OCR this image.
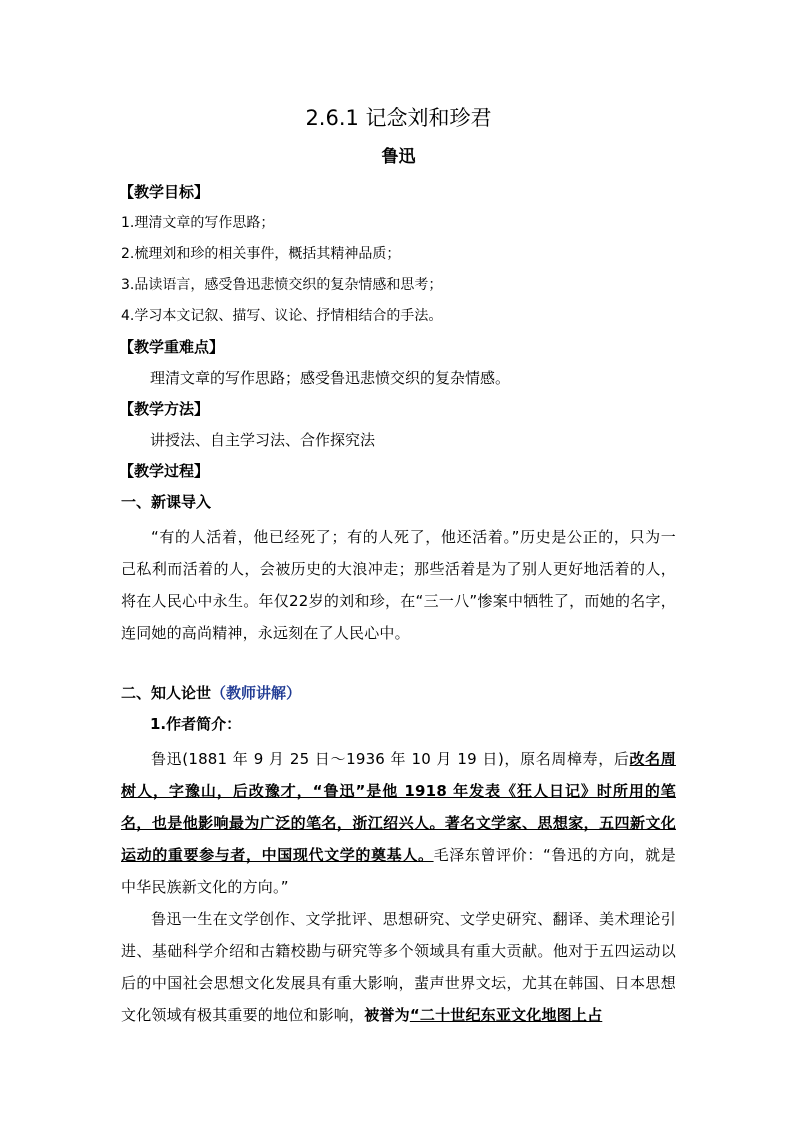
2.6.1 记念刘和珍君
鲁迅
【教学目标】
1.理清文章的写作思路；
2.梳理刘和珍的相关事件，概括其精神品质；
3.品读语言，感受鲁迅悲愤交织的复杂情感和思考；
4.学习本文记叙、描写、议论、抒情相结合的手法。
【教学重难点】
理清文章的写作思路；感受鲁迅悲愤交织的复杂情感。
【教学方法】
讲授法、自主学习法、合作探究法
【教学过程】
一、新课导入

“有的人活着，他已经死了；有的人死了，他还活着。”历史是公正的，只为一己私利而活着的人，会被历史的大浪冲走；那些活着是为了别人更好地活着的人，将在人民心中永生。年仅22岁的刘和珍，在“三一八”惨案中牺牲了，而她的名字，连同她的高尚精神，永远刻在了人民心中。

二、知人论世（教师讲解）
1.作者简介：

鲁迅(1881 年 9 月 25 日～1936 年 10 月 19 日)，原名周樟寿，后改名周树人，字豫山，后改豫才，“鲁迅”是他 1918 年发表《狂人日记》时所用的笔名，也是他影响最为广泛的笔名，浙江绍兴人。著名文学家、思想家，五四新文化运动的重要参与者，中国现代文学的奠基人。毛泽东曾评价：“鲁迅的方向，就是中华民族新文化的方向。”

鲁迅一生在文学创作、文学批评、思想研究、文学史研究、翻译、美术理论引进、基础科学介绍和古籍校勘与研究等多个领域具有重大贡献。他对于五四运动以后的中国社会思想文化发展具有重大影响，蜚声世界文坛，尤其在韩国、日本思想文化领域有极其重要的地位和影响，被誉为“二十世纪东亚文化地图上占
